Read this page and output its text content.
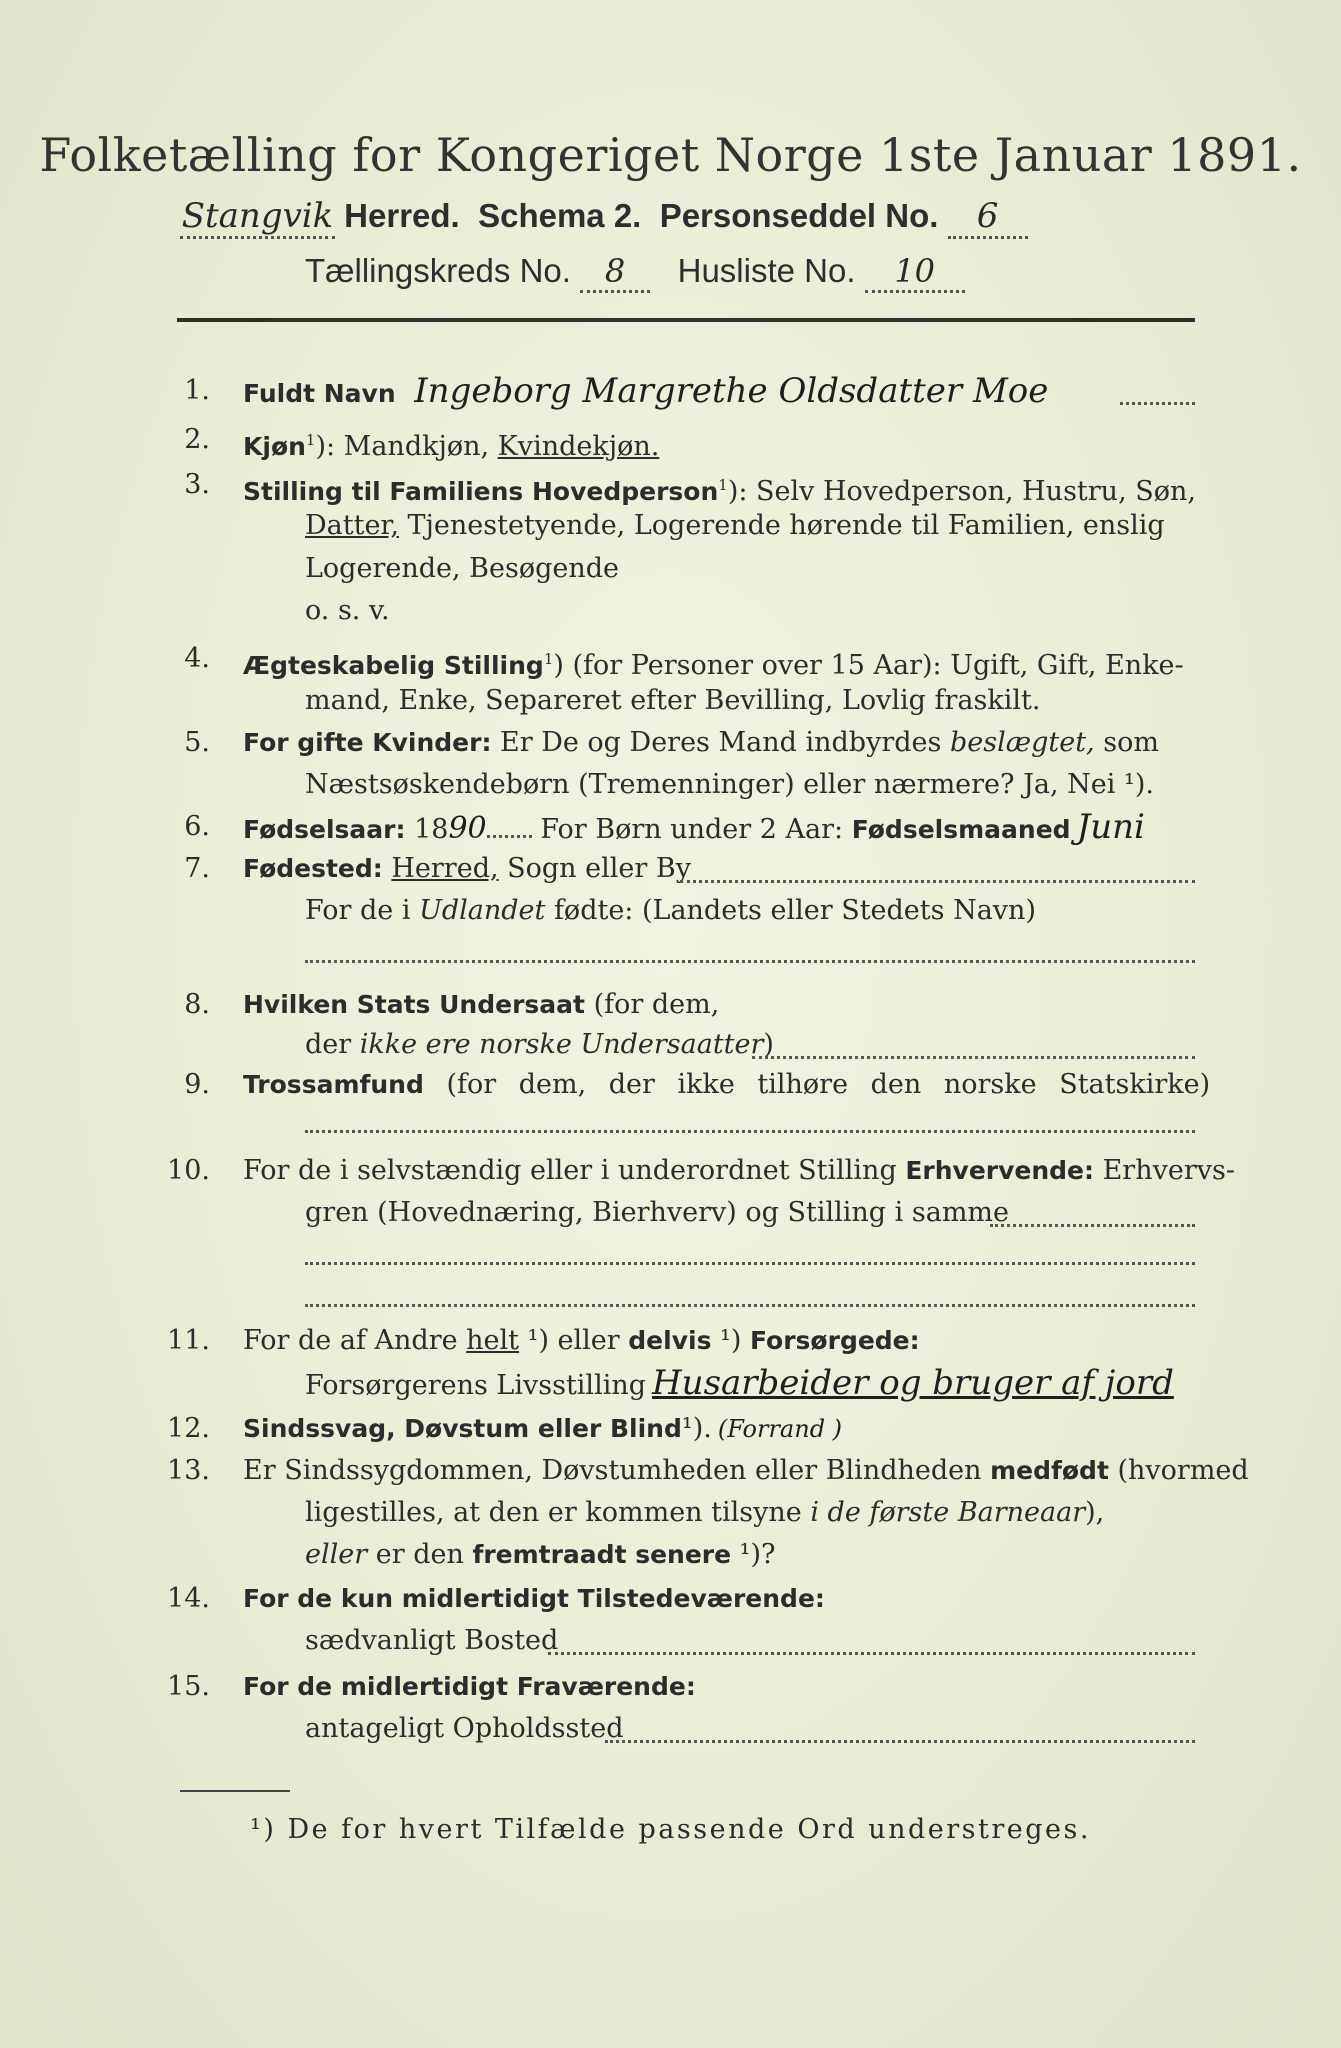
Folketælling for Kongeriget Norge 1ste Januar 1891.
Stangvik Herred. Schema 2. Personseddel No. 6
Tællingskreds No. 8 Husliste No. 10
1. Fuldt Navn Ingeborg Margrethe Oldsdatter Moe
2. Kjøn$^1$): Mandkjøn, Kvindekjøn.
3. Stilling til Familiens Hovedperson$^1$): Selv Hovedperson, Hustru, Søn,
Datter, Tjenestetyende, Logerende hørende til Familien, enslig
Logerende, Besøgende
o. s. v.
4. Ægteskabelig Stilling$^1$) (for Personer over 15 Aar): Ugift, Gift, Enke-
mand, Enke, Separeret efter Bevilling, Lovlig fraskilt.
5. For gifte Kvinder: Er De og Deres Mand indbyrdes beslægtet, som
Næstsøskendebørn (Tremenninger) eller nærmere? Ja, Nei ¹).
6. Fødselsaar: 1890 For Børn under 2 Aar: Fødselsmaaned Juni
7. Fødested: Herred, Sogn eller By
For de i Udlandet fødte: (Landets eller Stedets Navn)
8. Hvilken Stats Undersaat (for dem,
der ikke ere norske Undersaatter)
9. Trossamfund (for dem, der ikke tilhøre den norske Statskirke)
10. For de i selvstændig eller i underordnet Stilling Erhvervende: Erhvervs-
gren (Hovednæring, Bierhverv) og Stilling i samme
11. For de af Andre helt ¹) eller delvis ¹) Forsørgede:
Forsørgerens Livsstilling Husarbeider og bruger af jord
12. Sindssvag, Døvstum eller Blind¹). (Forrand )
13. Er Sindssygdommen, Døvstumheden eller Blindheden medfødt (hvormed
ligestilles, at den er kommen tilsyne i de første Barneaar),
eller er den fremtraadt senere ¹)?
14. For de kun midlertidigt Tilstedeværende:
sædvanligt Bosted
15. For de midlertidigt Fraværende:
antageligt Opholdssted
¹) De for hvert Tilfælde passende Ord understreges.
